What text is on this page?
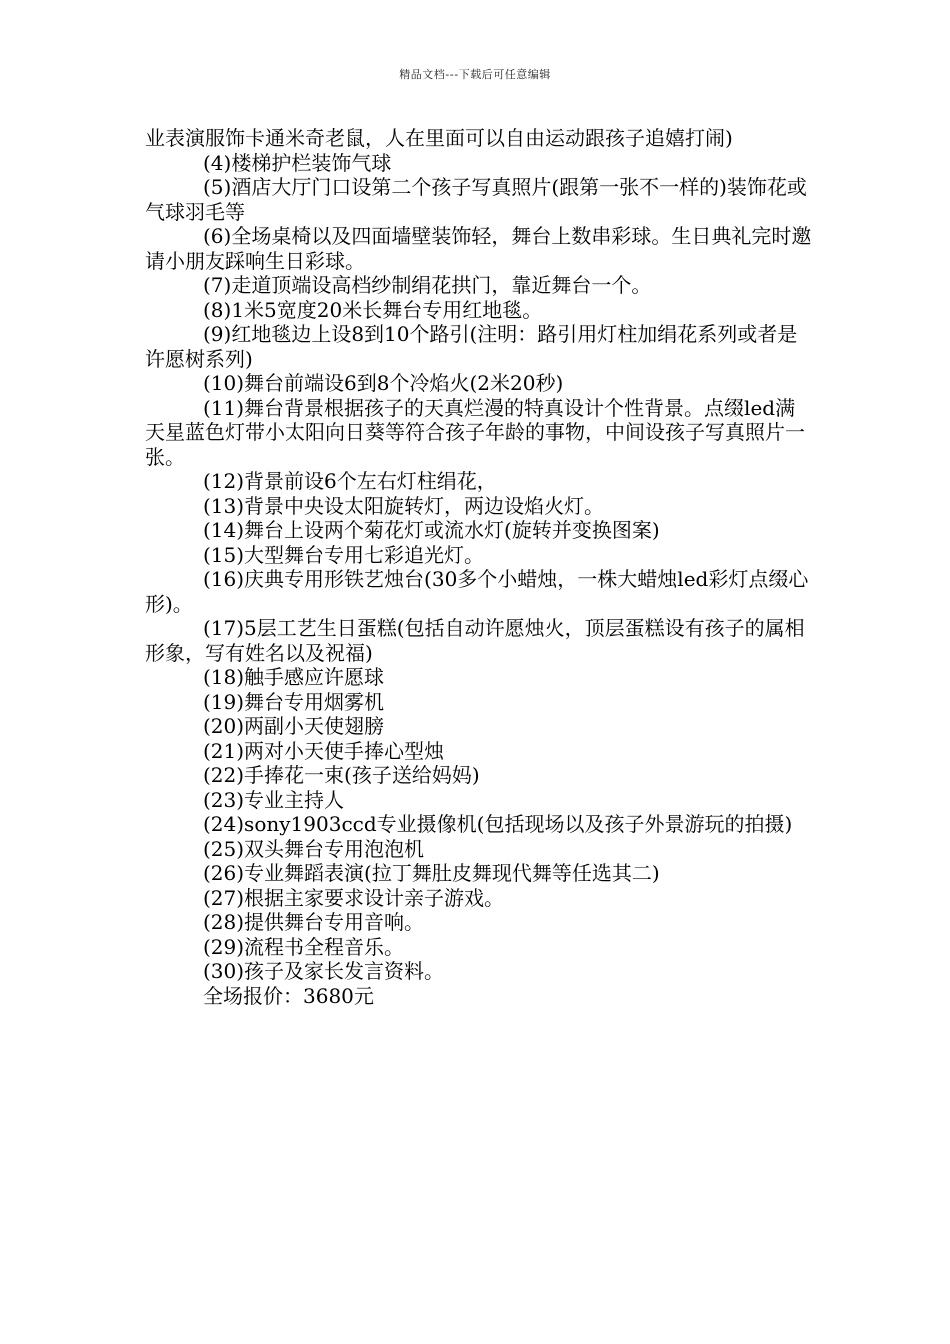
精品文档---下载后可任意编辑

业表演服饰卡通米奇老鼠，人在里面可以自由运动跟孩子追嬉打闹)

(4)楼梯护栏装饰气球

(5)酒店大厅门口设第二个孩子写真照片(跟第一张不一样的)装饰花或气球羽毛等

(6)全场桌椅以及四面墙壁装饰轻，舞台上数串彩球。生日典礼完时邀请小朋友踩响生日彩球。

(7)走道顶端设高档纱制绢花拱门，靠近舞台一个。

(8)1米5宽度20米长舞台专用红地毯。

(9)红地毯边上设8到10个路引(注明：路引用灯柱加绢花系列或者是许愿树系列)

(10)舞台前端设6到8个冷焰火(2米20秒)

(11)舞台背景根据孩子的天真烂漫的特真设计个性背景。点缀led满天星蓝色灯带小太阳向日葵等符合孩子年龄的事物，中间设孩子写真照片一张。

(12)背景前设6个左右灯柱绢花，

(13)背景中央设太阳旋转灯，两边设焰火灯。

(14)舞台上设两个菊花灯或流水灯(旋转并变换图案)

(15)大型舞台专用七彩追光灯。

(16)庆典专用形铁艺烛台(30多个小蜡烛，一株大蜡烛led彩灯点缀心形)。

(17)5层工艺生日蛋糕(包括自动许愿烛火，顶层蛋糕设有孩子的属相形象，写有姓名以及祝福)

(18)触手感应许愿球

(19)舞台专用烟雾机

(20)两副小天使翅膀

(21)两对小天使手捧心型烛

(22)手捧花一束(孩子送给妈妈)

(23)专业主持人

(24)sony1903ccd专业摄像机(包括现场以及孩子外景游玩的拍摄)

(25)双头舞台专用泡泡机

(26)专业舞蹈表演(拉丁舞肚皮舞现代舞等任选其二)

(27)根据主家要求设计亲子游戏。

(28)提供舞台专用音响。

(29)流程书全程音乐。

(30)孩子及家长发言资料。

全场报价：3680元
